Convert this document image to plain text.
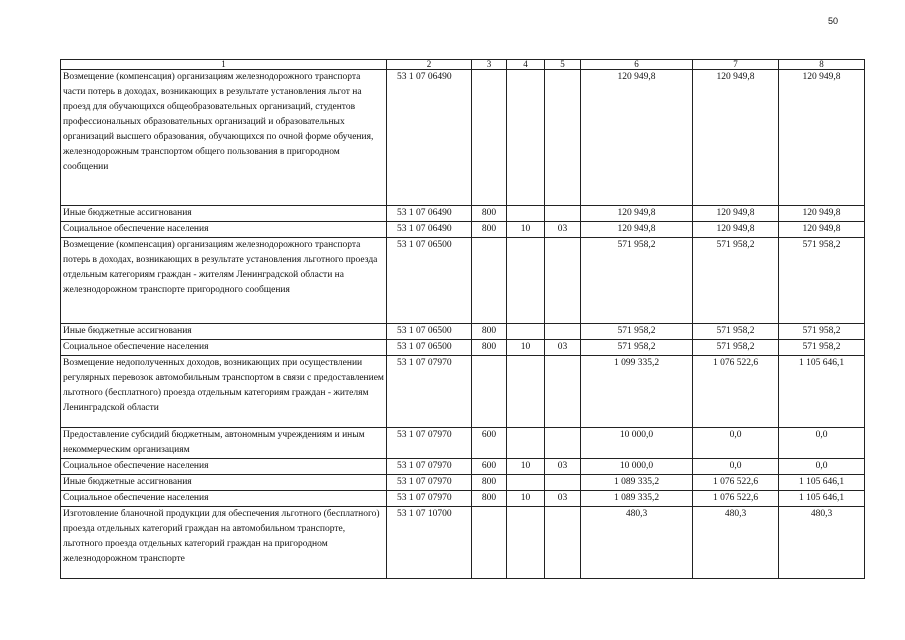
50
1	2	3	4	5	6	7	8
Возмещение (компенсация) организациям железнодорожного транспорта части потерь в доходах, возникающих в результате установления льгот на проезд для обучающихся общеобразовательных организаций, студентов профессиональных образовательных организаций и образовательных организаций высшего образования, обучающихся по очной форме обучения, железнодорожным транспортом общего пользования в пригородном сообщении	53 1 07 06490				120 949,8	120 949,8	120 949,8
Иные бюджетные ассигнования	53 1 07 06490	800			120 949,8	120 949,8	120 949,8
Социальное обеспечение населения	53 1 07 06490	800	10	03	120 949,8	120 949,8	120 949,8
Возмещение (компенсация) организациям железнодорожного транспорта потерь в доходах, возникающих в результате установления льготного проезда отдельным категориям граждан - жителям Ленинградской области на железнодорожном транспорте пригородного сообщения	53 1 07 06500				571 958,2	571 958,2	571 958,2
Иные бюджетные ассигнования	53 1 07 06500	800			571 958,2	571 958,2	571 958,2
Социальное обеспечение населения	53 1 07 06500	800	10	03	571 958,2	571 958,2	571 958,2
Возмещение недополученных доходов, возникающих при осуществлении регулярных перевозок автомобильным транспортом в связи с предоставлением льготного (бесплатного) проезда отдельным категориям граждан - жителям Ленинградской области	53 1 07 07970				1 099 335,2	1 076 522,6	1 105 646,1
Предоставление субсидий бюджетным, автономным учреждениям и иным некоммерческим организациям	53 1 07 07970	600			10 000,0	0,0	0,0
Социальное обеспечение населения	53 1 07 07970	600	10	03	10 000,0	0,0	0,0
Иные бюджетные ассигнования	53 1 07 07970	800			1 089 335,2	1 076 522,6	1 105 646,1
Социальное обеспечение населения	53 1 07 07970	800	10	03	1 089 335,2	1 076 522,6	1 105 646,1
Изготовление бланочной продукции для обеспечения льготного (бесплатного) проезда отдельных категорий граждан на автомобильном транспорте, льготного проезда отдельных категорий граждан на пригородном железнодорожном транспорте	53 1 07 10700				480,3	480,3	480,3
